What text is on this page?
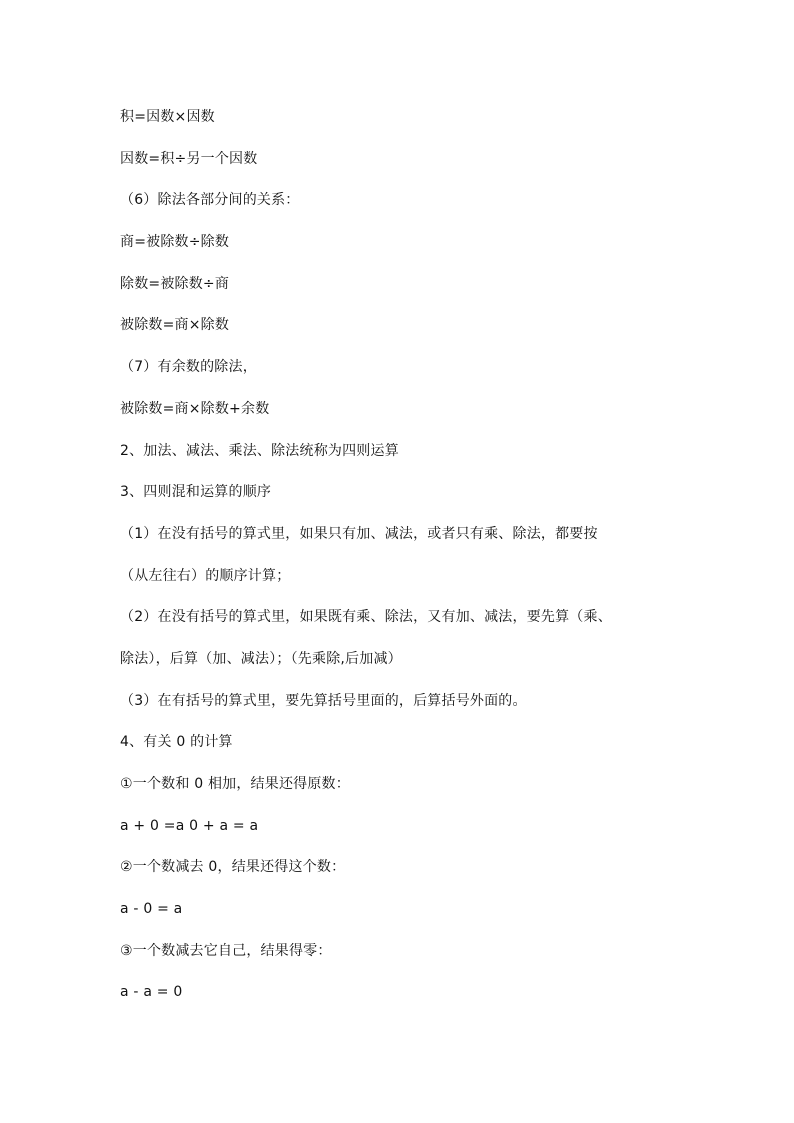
积=因数×因数
因数=积÷另一个因数
（6）除法各部分间的关系：
商=被除数÷除数
除数=被除数÷商
被除数=商×除数
（7）有余数的除法，
被除数=商×除数+余数
2、加法、减法、乘法、除法统称为四则运算
3、四则混和运算的顺序
（1）在没有括号的算式里，如果只有加、减法，或者只有乘、除法，都要按
（从左往右）的顺序计算；
（2）在没有括号的算式里，如果既有乘、除法，又有加、减法，要先算（乘、
除法），后算（加、减法）；（先乘除,后加减）
（3）在有括号的算式里，要先算括号里面的，后算括号外面的。
4、有关 0 的计算
①一个数和 0 相加，结果还得原数：
a + 0 =a 0 + a = a
②一个数减去 0，结果还得这个数：
a - 0 = a
③一个数减去它自己，结果得零：
a - a = 0
